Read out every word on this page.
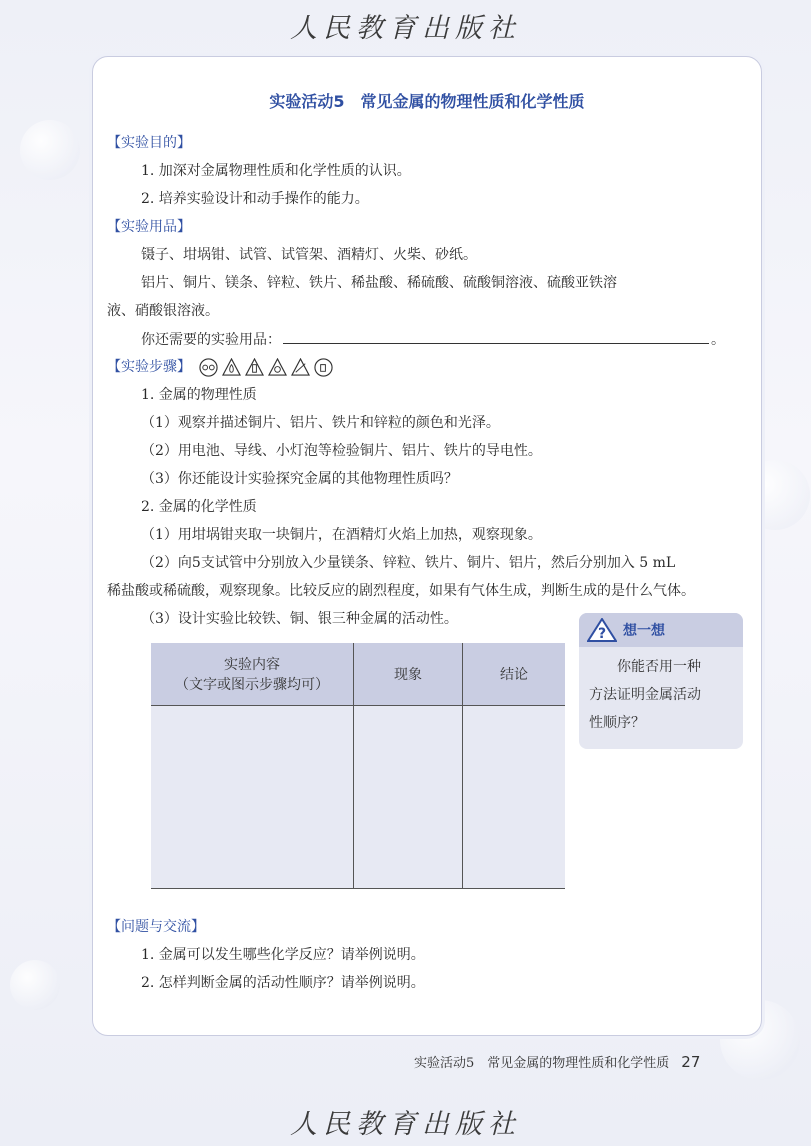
人民教育出版社
实验活动5　常见金属的物理性质和化学性质
【实验目的】
1. 加深对金属物理性质和化学性质的认识。
2. 培养实验设计和动手操作的能力。
【实验用品】
镊子、坩埚钳、试管、试管架、酒精灯、火柴、砂纸。
铝片、铜片、镁条、锌粒、铁片、稀盐酸、稀硫酸、硫酸铜溶液、硫酸亚铁溶
液、硝酸银溶液。
你还需要的实验用品：	。
【实验步骤】
1. 金属的物理性质
（1）观察并描述铜片、铝片、铁片和锌粒的颜色和光泽。
（2）用电池、导线、小灯泡等检验铜片、铝片、铁片的导电性。
（3）你还能设计实验探究金属的其他物理性质吗？
2. 金属的化学性质
（1）用坩埚钳夹取一块铜片，在酒精灯火焰上加热，观察现象。
（2）向5支试管中分别放入少量镁条、锌粒、铁片、铜片、铝片，然后分别加入 5 mL
稀盐酸或稀硫酸，观察现象。比较反应的剧烈程度，如果有气体生成，判断生成的是什么气体。
（3）设计实验比较铁、铜、银三种金属的活动性。
实验内容
（文字或图示步骤均可）	现象	结论

? 想一想
你能否用一种
方法证明金属活动
性顺序？
【问题与交流】
1. 金属可以发生哪些化学反应？请举例说明。
2. 怎样判断金属的活动性顺序？请举例说明。
实验活动5　常见金属的物理性质和化学性质 27
人民教育出版社
